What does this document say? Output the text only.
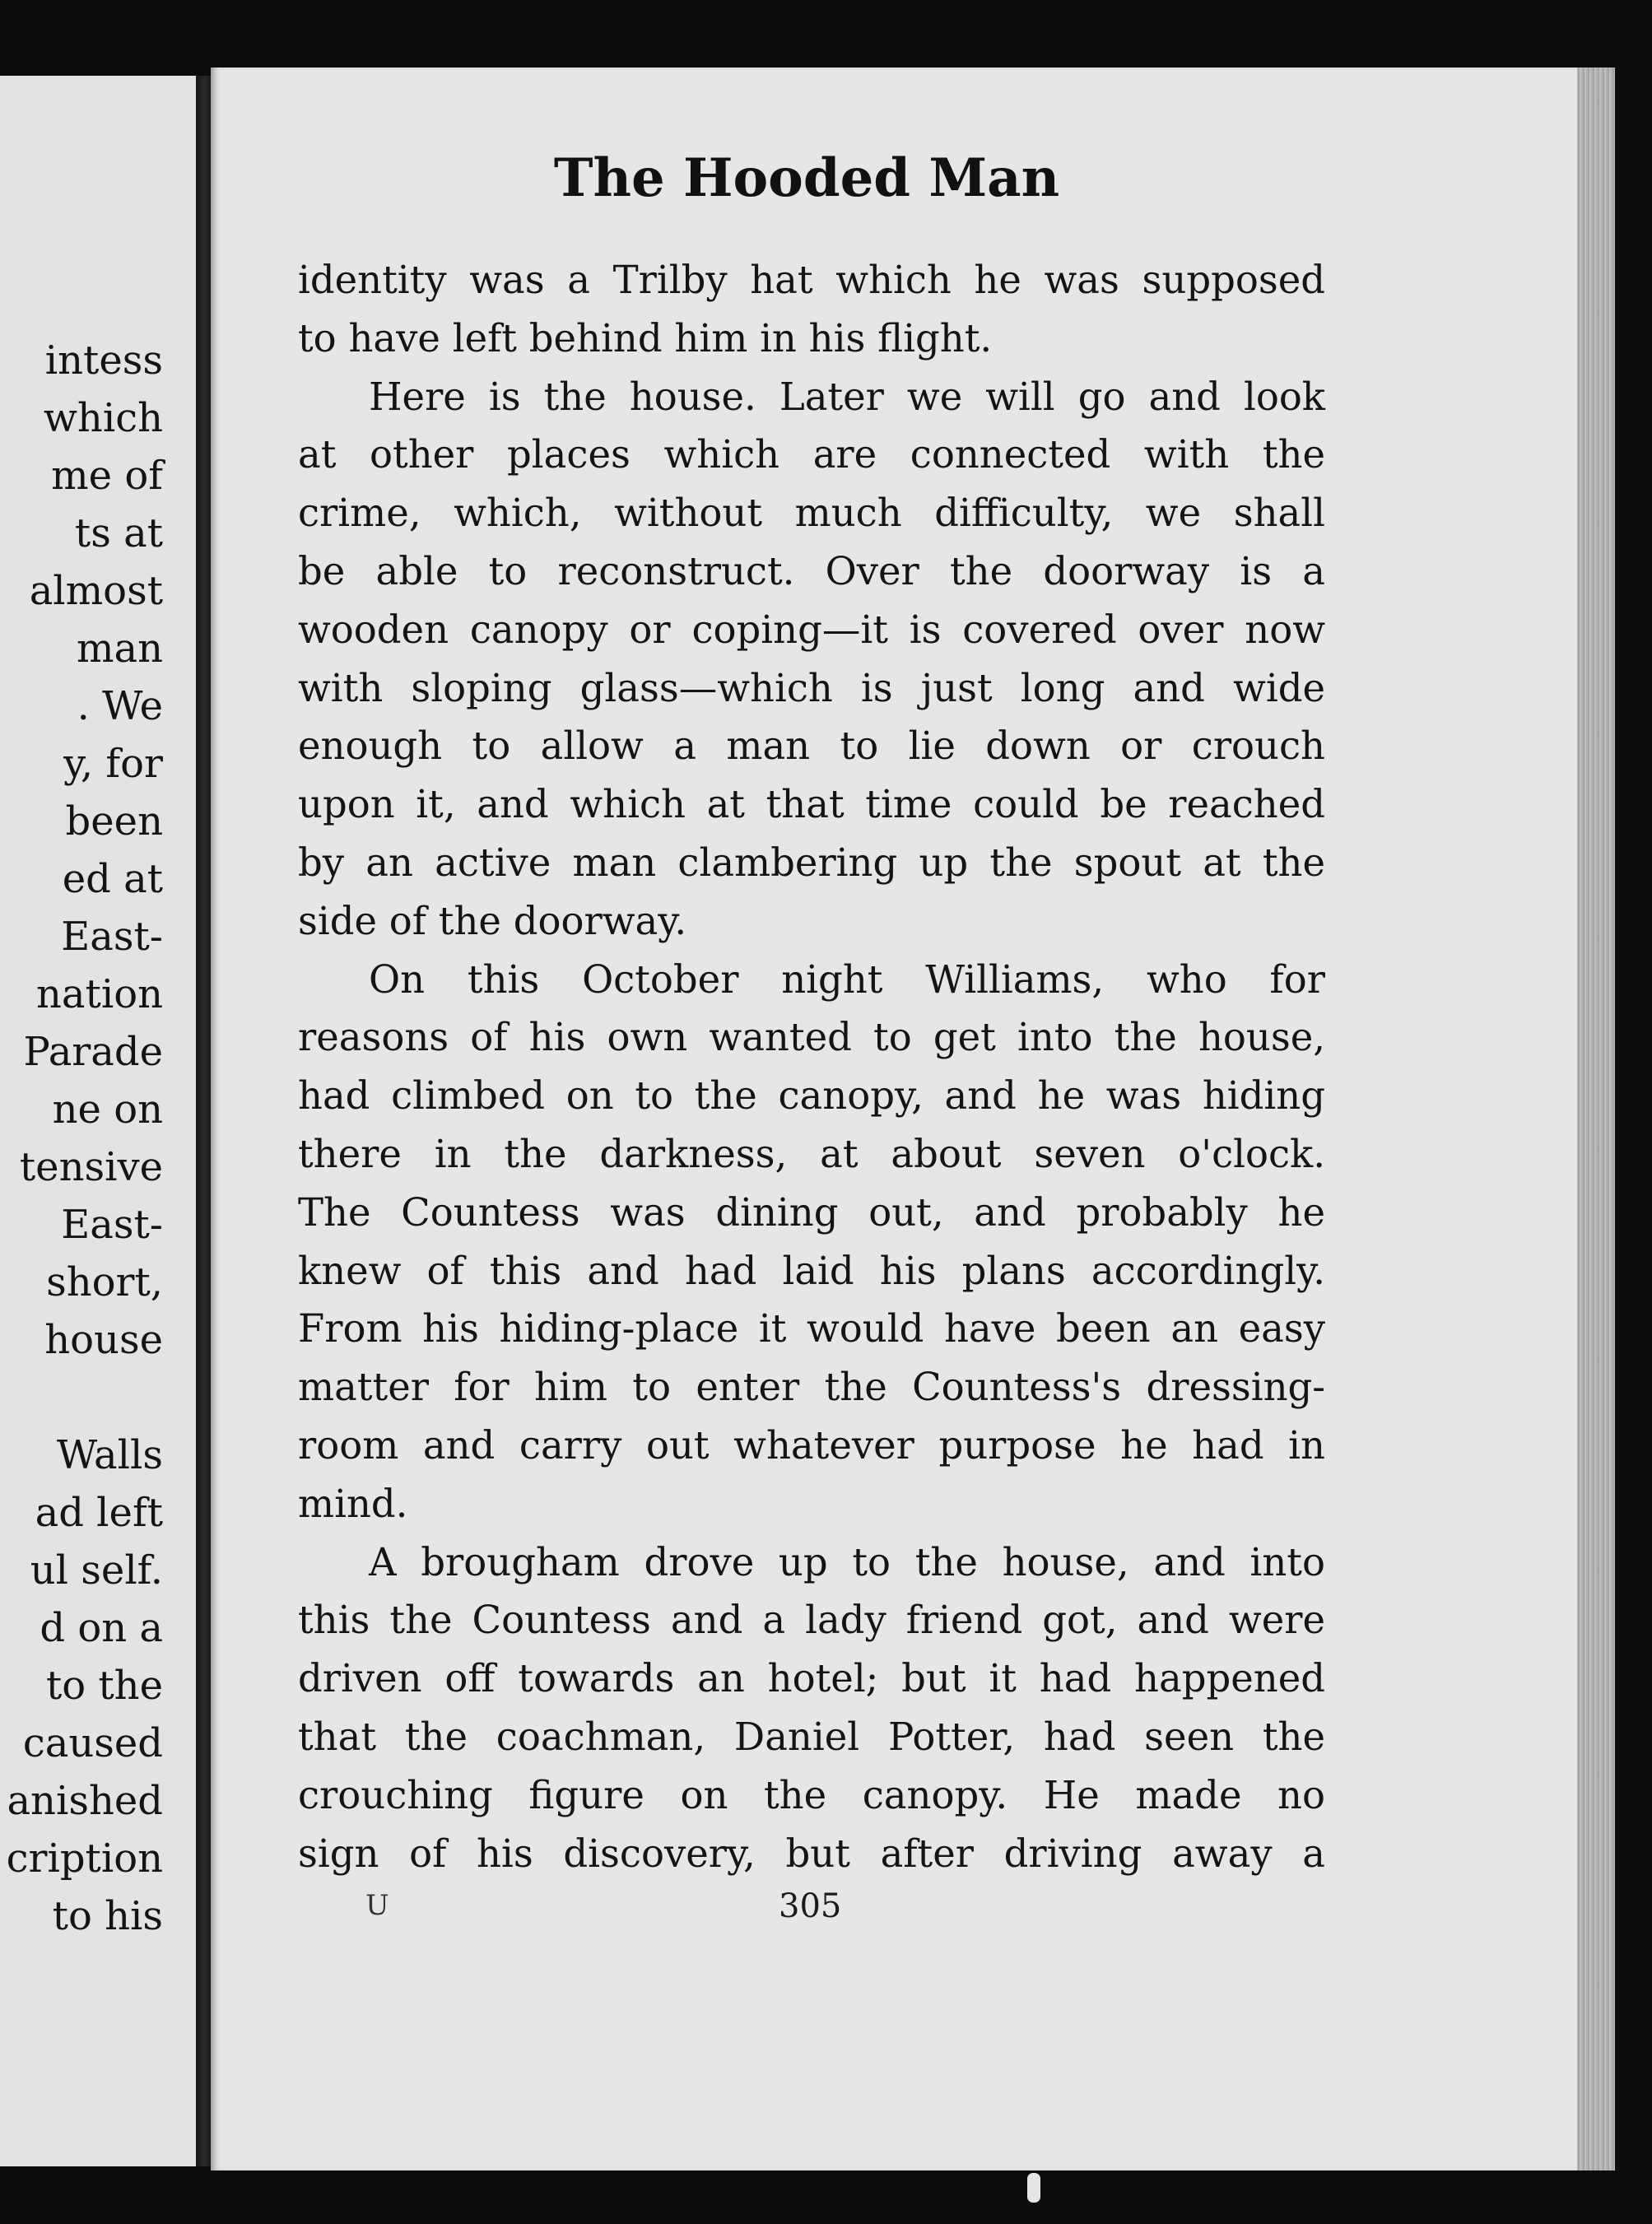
intess
which
me of
ts at
almost
man
. We
y, for
been
ed at
East-
nation
Parade
ne on
tensive
East-
short,
house
Walls
ad left
ul self.
d on a
to the
caused
anished
cription
to his
The Hooded Man
identity was a Trilby hat which he was supposed
to have left behind him in his flight.
Here is the house. Later we will go and look
at other places which are connected with the
crime, which, without much difficulty, we shall
be able to reconstruct. Over the doorway is a
wooden canopy or coping—it is covered over now
with sloping glass—which is just long and wide
enough to allow a man to lie down or crouch
upon it, and which at that time could be reached
by an active man clambering up the spout at the
side of the doorway.
On this October night Williams, who for
reasons of his own wanted to get into the house,
had climbed on to the canopy, and he was hiding
there in the darkness, at about seven o'clock.
The Countess was dining out, and probably he
knew of this and had laid his plans accordingly.
From his hiding-place it would have been an easy
matter for him to enter the Countess's dressing-
room and carry out whatever purpose he had in
mind.
A brougham drove up to the house, and into
this the Countess and a lady friend got, and were
driven off towards an hotel; but it had happened
that the coachman, Daniel Potter, had seen the
crouching figure on the canopy. He made no
sign of his discovery, but after driving away a
U	305
